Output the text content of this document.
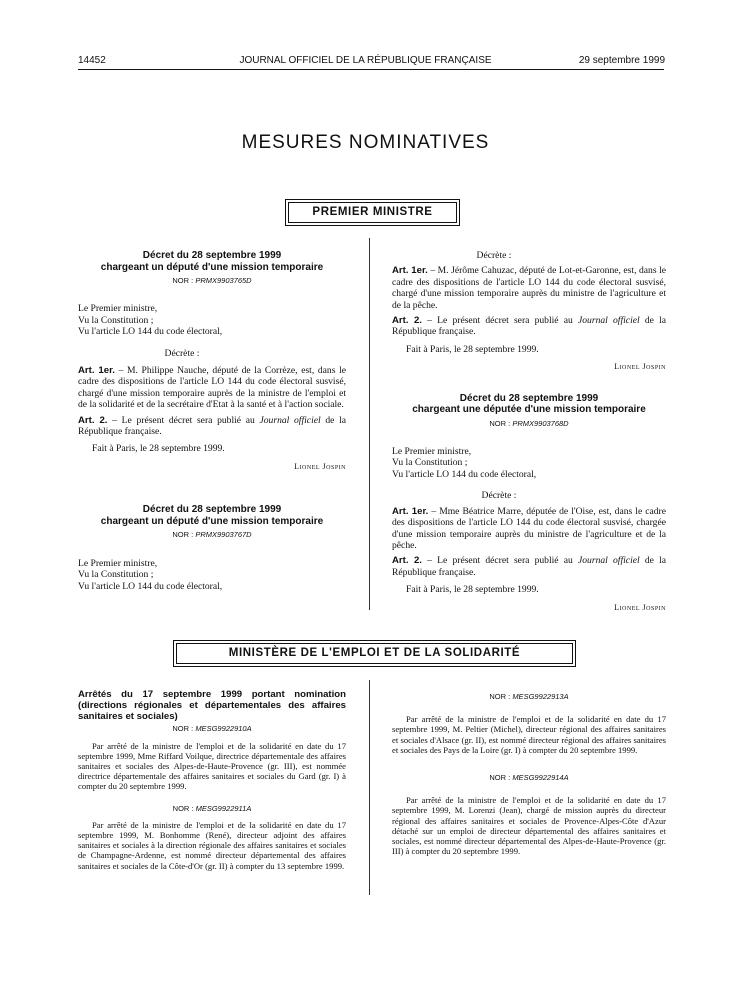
14452	JOURNAL OFFICIEL DE LA RÉPUBLIQUE FRANÇAISE	29 septembre 1999
MESURES NOMINATIVES
PREMIER MINISTRE
Décret du 28 septembre 1999
chargeant un député d'une mission temporaire
NOR : PRMX9903765D

Le Premier ministre,

Vu la Constitution ;

Vu l'article LO 144 du code électoral,

Décrète :

Art. 1er. – M. Philippe Nauche, député de la Corrèze, est, dans le cadre des dispositions de l'article LO 144 du code électoral susvisé, chargé d'une mission temporaire auprès de la ministre de l'emploi et de la solidarité et de la secrétaire d'Etat à la santé et à l'action sociale.

Art. 2. – Le présent décret sera publié au Journal officiel de la République française.

Fait à Paris, le 28 septembre 1999.

Lionel Jospin

Décret du 28 septembre 1999
chargeant un député d'une mission temporaire
NOR : PRMX9903767D

Le Premier ministre,

Vu la Constitution ;

Vu l'article LO 144 du code électoral,

Décrète :

Art. 1er. – M. Jérôme Cahuzac, député de Lot-et-Garonne, est, dans le cadre des dispositions de l'article LO 144 du code électoral susvisé, chargé d'une mission temporaire auprès du ministre de l'agriculture et de la pêche.

Art. 2. – Le présent décret sera publié au Journal officiel de la République française.

Fait à Paris, le 28 septembre 1999.

Lionel Jospin

Décret du 28 septembre 1999
chargeant une députée d'une mission temporaire
NOR : PRMX9903768D

Le Premier ministre,

Vu la Constitution ;

Vu l'article LO 144 du code électoral,

Décrète :

Art. 1er. – Mme Béatrice Marre, députée de l'Oise, est, dans le cadre des dispositions de l'article LO 144 du code électoral susvisé, chargée d'une mission temporaire auprès du ministre de l'agriculture et de la pêche.

Art. 2. – Le présent décret sera publié au Journal officiel de la République française.

Fait à Paris, le 28 septembre 1999.

Lionel Jospin

MINISTÈRE DE L'EMPLOI ET DE LA SOLIDARITÉ
Arrêtés du 17 septembre 1999 portant nomination (directions régionales et départementales des affaires sanitaires et sociales)
NOR : MESG9922910A

Par arrêté de la ministre de l'emploi et de la solidarité en date du 17 septembre 1999, Mme Riffard Voilque, directrice départementale des affaires sanitaires et sociales des Alpes-de-Haute-Provence (gr. III), est nommée directrice départementale des affaires sanitaires et sociales du Gard (gr. I) à compter du 20 septembre 1999.

NOR : MESG9922911A

Par arrêté de la ministre de l'emploi et de la solidarité en date du 17 septembre 1999, M. Bonhomme (René), directeur adjoint des affaires sanitaires et sociales à la direction régionale des affaires sanitaires et sociales de Champagne-Ardenne, est nommé directeur départemental des affaires sanitaires et sociales de la Côte-d'Or (gr. II) à compter du 13 septembre 1999.

NOR : MESG9922913A

Par arrêté de la ministre de l'emploi et de la solidarité en date du 17 septembre 1999, M. Peltier (Michel), directeur régional des affaires sanitaires et sociales d'Alsace (gr. II), est nommé directeur régional des affaires sanitaires et sociales des Pays de la Loire (gr. I) à compter du 20 septembre 1999.

NOR : MESG9922914A

Par arrêté de la ministre de l'emploi et de la solidarité en date du 17 septembre 1999, M. Lorenzi (Jean), chargé de mission auprès du directeur régional des affaires sanitaires et sociales de Provence-Alpes-Côte d'Azur détaché sur un emploi de directeur départemental des affaires sanitaires et sociales, est nommé directeur départemental des Alpes-de-Haute-Provence (gr. III) à compter du 20 septembre 1999.
